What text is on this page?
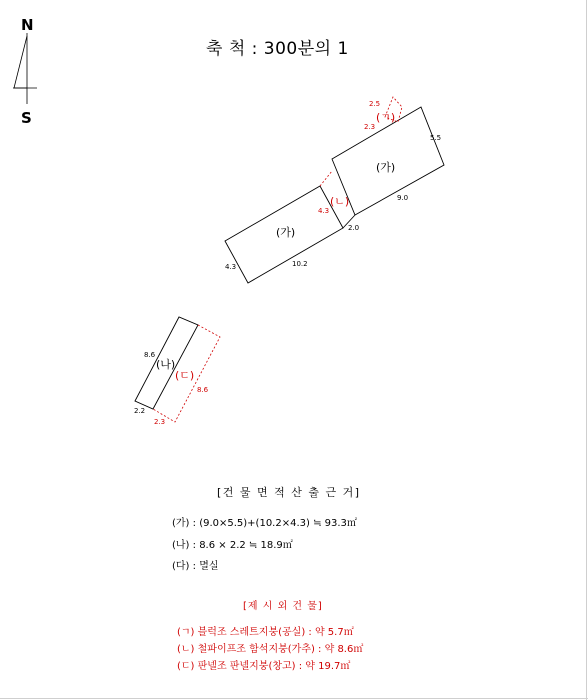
N
S
(가)
10.2
4.3
(가)
5.5
9.0
2.0
(나)
8.6
2.2
(ㄱ)
2.5
2.3
(ㄴ)
4.3
(ㄷ)
8.6
2.3
축 척 : 300분의 1
[건 물 면 적 산 출 근 거]
(가) : (9.0×5.5)+(10.2×4.3) ≒ 93.3㎡
(나) : 8.6 × 2.2 ≒ 18.9㎡
(다) : 멸실
[제 시 외 건 물]
(ㄱ) 블럭조 스레트지붕(공실) : 약 5.7㎡
(ㄴ) 철파이프조 함석지붕(가추) : 약 8.6㎡
(ㄷ) 판넬조 판넬지붕(창고) : 약 19.7㎡
